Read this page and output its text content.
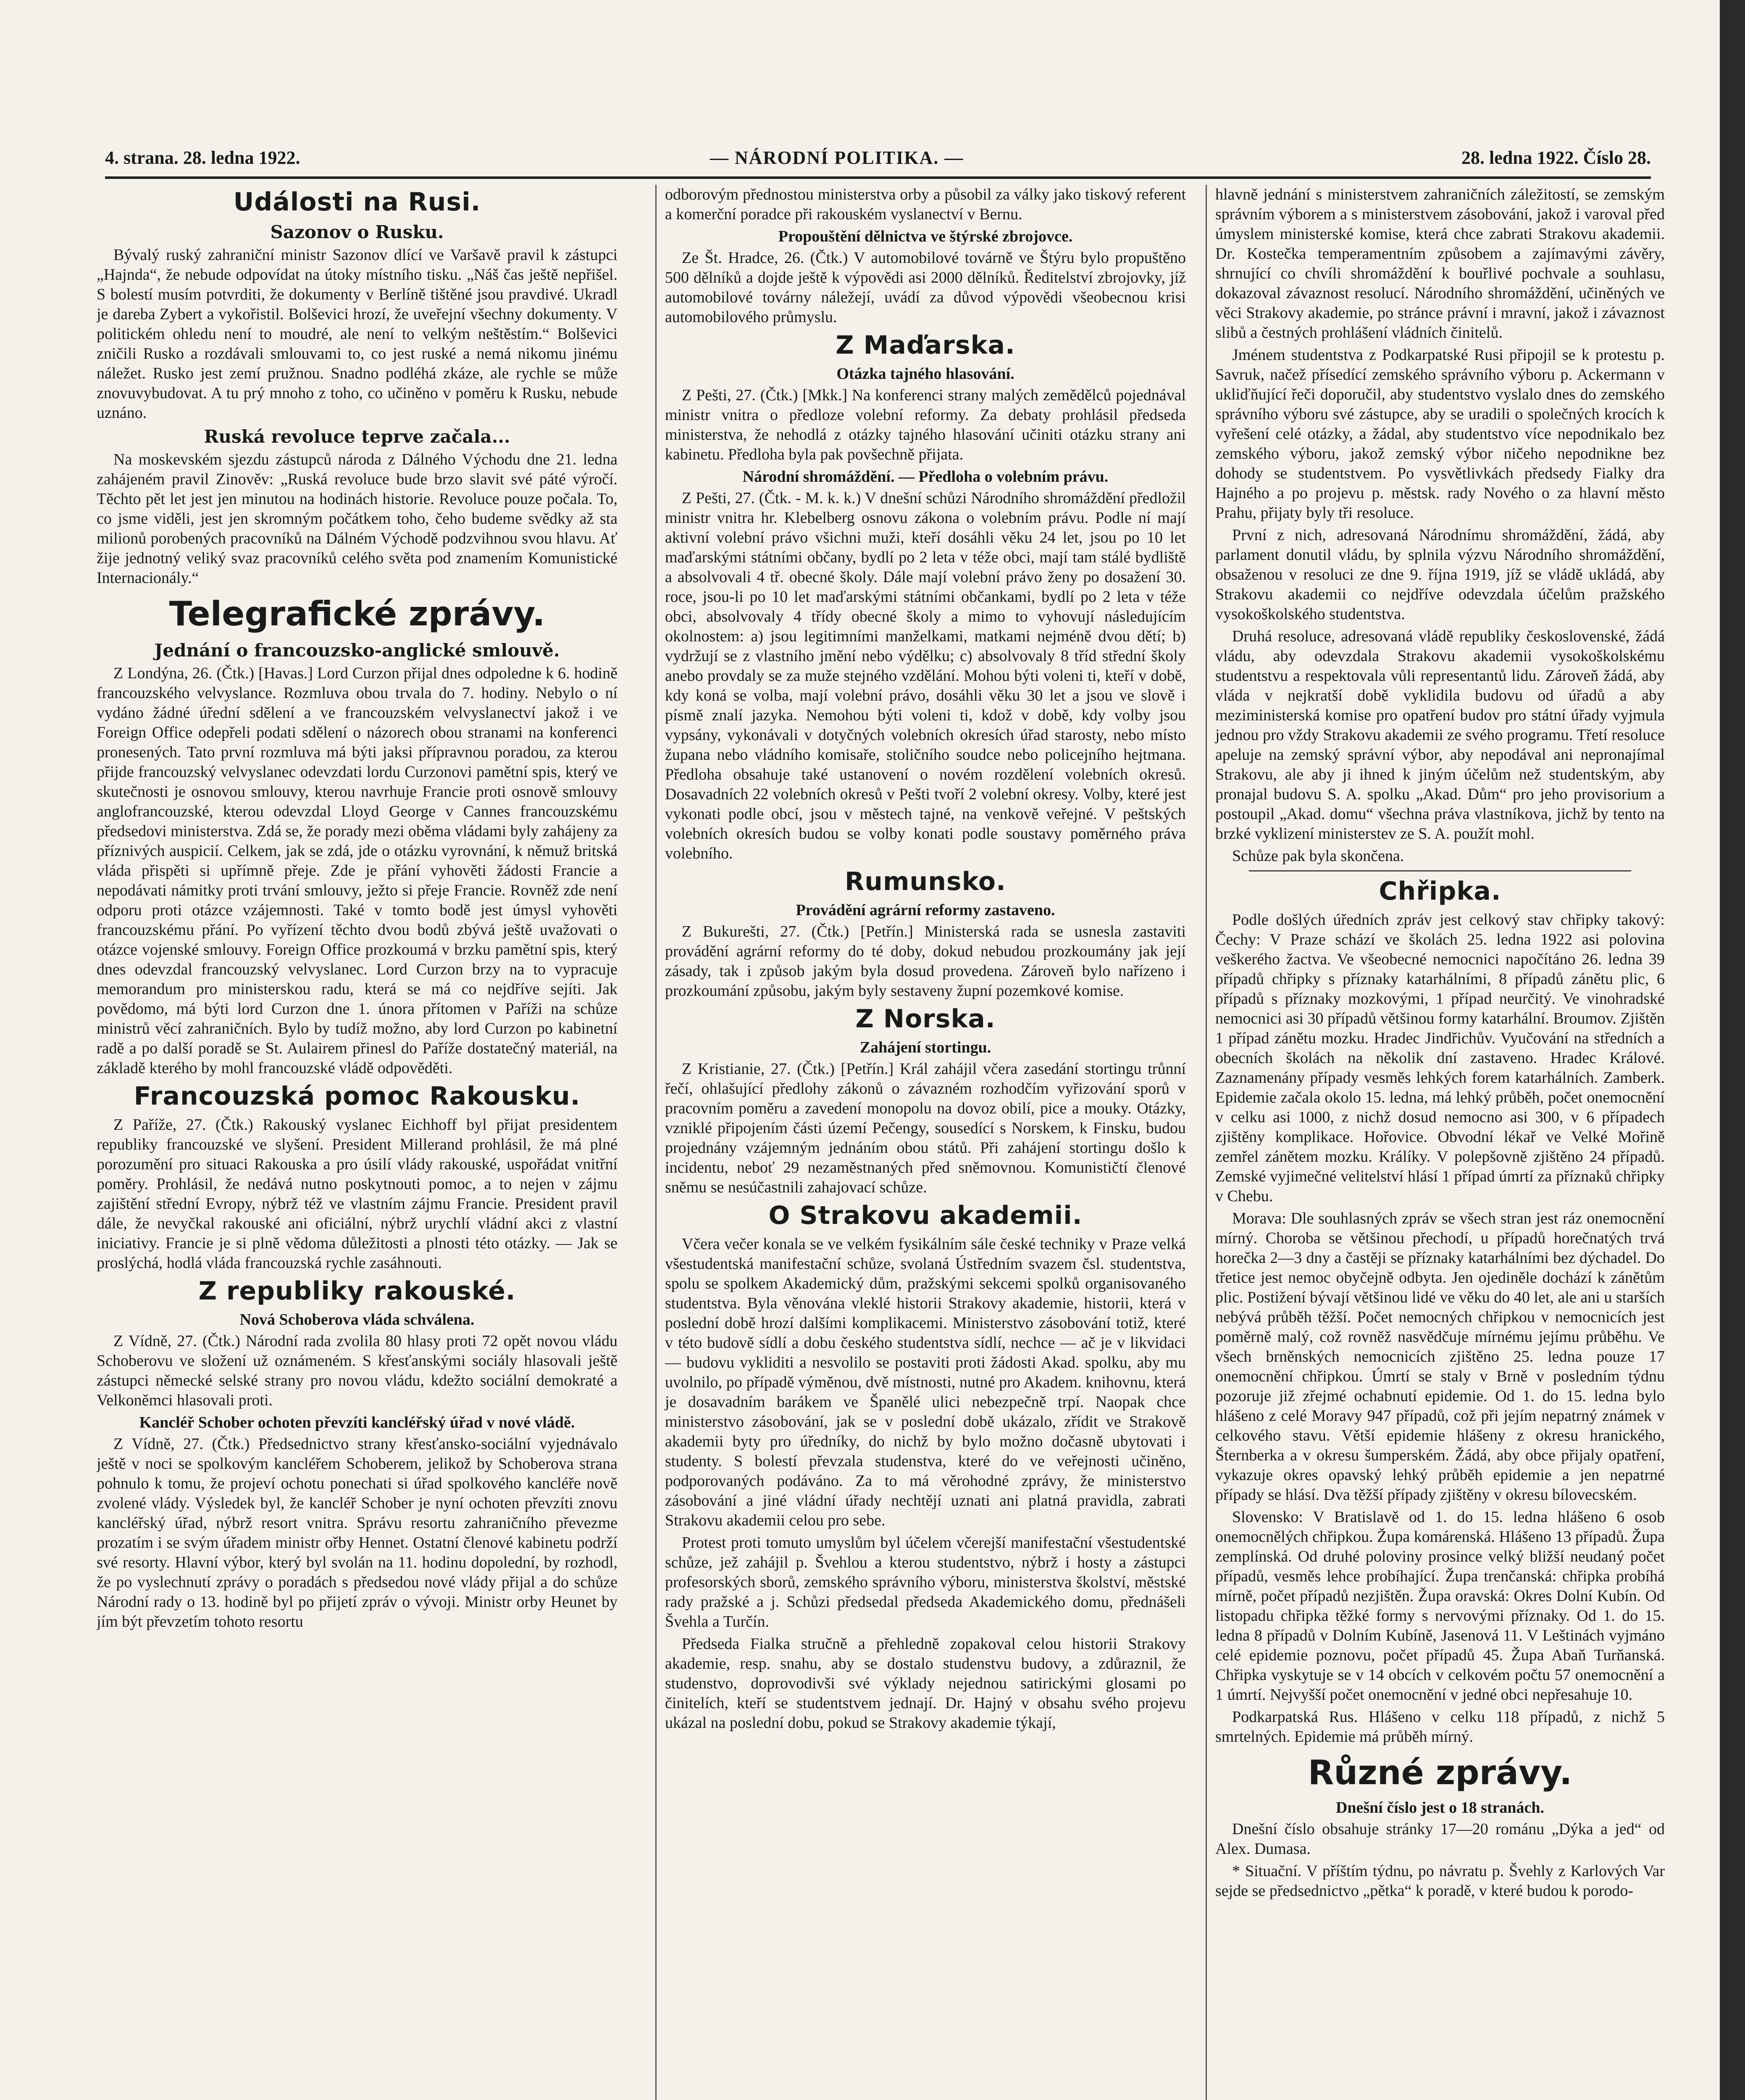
4. strana. 28. ledna 1922.	— NÁRODNÍ POLITIKA. —	28. ledna 1922. Číslo 28.
Události na Rusi.
Sazonov o Rusku.

Bývalý ruský zahraniční ministr Sazonov dlící ve Varšavě pravil k zástupci „Hajnda“, že nebude odpovídat na útoky místního tisku. „Náš čas ještě nepřišel. S bolestí musím potvrditi, že dokumenty v Berlíně tištěné jsou pravdivé. Ukradl je dareba Zybert a vykořistil. Bolševici hrozí, že uveřejní všechny dokumenty. V politickém ohledu není to moudré, ale není to velkým neštěstím.“ Bolševici zničili Rusko a rozdávali smlouvami to, co jest ruské a nemá nikomu jinému náležet. Rusko jest zemí pružnou. Snadno podléhá zkáze, ale rychle se může znovuvybudovat. A tu prý mnoho z toho, co učiněno v poměru k Rusku, nebude uznáno.

Ruská revoluce teprve začala...

Na moskevském sjezdu zástupců národa z Dálného Východu dne 21. ledna zahájeném pravil Zinověv: „Ruská revoluce bude brzo slavit své páté výročí. Těchto pět let jest jen minutou na hodinách historie. Revoluce pouze počala. To, co jsme viděli, jest jen skromným počátkem toho, čeho budeme svědky až sta milionů porobených pracovníků na Dálném Východě podzvihnou svou hlavu. Ať žije jednotný veliký svaz pracovníků celého světa pod znamením Komunistické Internacionály.“

Telegrafické zprávy.
Jednání o francouzsko-anglické smlouvě.

Z Londýna, 26. (Čtk.) [Havas.] Lord Curzon přijal dnes odpoledne k 6. hodině francouzského velvyslance. Rozmluva obou trvala do 7. hodiny. Nebylo o ní vydáno žádné úřední sdělení a ve francouzském velvyslanectví jakož i ve Foreign Office odepřeli podati sdělení o názorech obou stranami na konferenci pronesených. Tato první rozmluva má býti jaksi přípravnou poradou, za kterou přijde francouzský velvyslanec odevzdati lordu Curzonovi pamětní spis, který ve skutečnosti je osnovou smlouvy, kterou navrhuje Francie proti osnově smlouvy anglofrancouzské, kterou odevzdal Lloyd George v Cannes francouzskému předsedovi ministerstva. Zdá se, že porady mezi oběma vládami byly zahájeny za příznivých auspicií. Celkem, jak se zdá, jde o otázku vyrovnání, k němuž britská vláda přispěti si upřímně přeje. Zde je přání vyhověti žádosti Francie a nepodávati námitky proti trvání smlouvy, ježto si přeje Francie. Rovněž zde není odporu proti otázce vzájemnosti. Také v tomto bodě jest úmysl vyhověti francouzskému přání. Po vyřízení těchto dvou bodů zbývá ještě uvažovati o otázce vojenské smlouvy. Foreign Office prozkoumá v brzku pamětní spis, který dnes odevzdal francouzský velvyslanec. Lord Curzon brzy na to vypracuje memorandum pro ministerskou radu, která se má co nejdříve sejíti. Jak povědomo, má býti lord Curzon dne 1. února přítomen v Paříži na schůze ministrů věcí zahraničních. Bylo by tudíž možno, aby lord Curzon po kabinetní radě a po další poradě se St. Aulairem přinesl do Paříže dostatečný materiál, na základě kterého by mohl francouzské vládě odpověděti.

Francouzská pomoc Rakousku.

Z Paříže, 27. (Čtk.) Rakouský vyslanec Eichhoff byl přijat presidentem republiky francouzské ve slyšení. President Millerand prohlásil, že má plné porozumění pro situaci Rakouska a pro úsilí vlády rakouské, uspořádat vnitřní poměry. Prohlásil, že nedává nutno poskytnouti pomoc, a to nejen v zájmu zajištění střední Evropy, nýbrž též ve vlastním zájmu Francie. President pravil dále, že nevyčkal rakouské ani oficiální, nýbrž urychlí vládní akci z vlastní iniciativy. Francie je si plně vědoma důležitosti a plnosti této otázky. — Jak se proslýchá, hodlá vláda francouzská rychle zasáhnouti.

Z republiky rakouské.
Nová Schoberova vláda schválena.

Z Vídně, 27. (Čtk.) Národní rada zvolila 80 hlasy proti 72 opět novou vládu Schoberovu ve složení už oznámeném. S křesťanskými sociály hlasovali ještě zástupci německé selské strany pro novou vládu, kdežto sociální demokraté a Velkoněmci hlasovali proti.

Kancléř Schober ochoten převzíti kancléřský úřad v nové vládě.

Z Vídně, 27. (Čtk.) Předsednictvo strany křesťansko-sociální vyjednávalo ještě v noci se spolkovým kancléřem Schoberem, jelikož by Schoberova strana pohnulo k tomu, že projeví ochotu ponechati si úřad spolkového kancléře nově zvolené vlády. Výsledek byl, že kancléř Schober je nyní ochoten převzíti znovu kancléřský úřad, nýbrž resort vnitra. Správu resortu zahraničního převezme prozatím i se svým úřadem ministr ořby Hennet. Ostatní členové kabinetu podrží své resorty. Hlavní výbor, který byl svolán na 11. hodinu dopolední, by rozhodl, že po vyslechnutí zprávy o poradách s předsedou nové vlády přijal a do schůze Národní rady o 13. hodině byl po přijetí zpráv o vývoji. Ministr orby Heunet by jím být převzetím tohoto resortu

odborovým přednostou ministerstva orby a působil za války jako tiskový referent a komerční poradce při rakouském vyslanectví v Bernu.

Propouštění dělnictva ve štýrské zbrojovce.

Ze Št. Hradce, 26. (Čtk.) V automobilové továrně ve Štýru bylo propuštěno 500 dělníků a dojde ještě k výpovědi asi 2000 dělníků. Ředitelství zbrojovky, jíž automobilové továrny náležejí, uvádí za důvod výpovědi všeobecnou krisi automobilového průmyslu.

Z Maďarska.
Otázka tajného hlasování.

Z Pešti, 27. (Čtk.) [Mkk.] Na konferenci strany malých zemědělců pojednával ministr vnitra o předloze volební reformy. Za debaty prohlásil předseda ministerstva, že nehodlá z otázky tajného hlasování učiniti otázku strany ani kabinetu. Předloha byla pak povšechně přijata.

Národní shromáždění. — Předloha o volebním právu.

Z Pešti, 27. (Čtk. - M. k. k.) V dnešní schůzi Národního shromáždění předložil ministr vnitra hr. Klebelberg osnovu zákona o volebním právu. Podle ní mají aktivní volební právo všichni muži, kteří dosáhli věku 24 let, jsou po 10 let maďarskými státními občany, bydlí po 2 leta v téže obci, mají tam stálé bydliště a absolvovali 4 tř. obecné školy. Dále mají volební právo ženy po dosažení 30. roce, jsou-li po 10 let maďarskými státními občankami, bydlí po 2 leta v téže obci, absolvovaly 4 třídy obecné školy a mimo to vyhovují následujícím okolnostem: a) jsou legitimními manželkami, matkami nejméně dvou dětí; b) vydržují se z vlastního jmění nebo výdělku; c) absolvovaly 8 tříd střední školy anebo provdaly se za muže stejného vzdělání. Mohou býti voleni ti, kteří v době, kdy koná se volba, mají volební právo, dosáhli věku 30 let a jsou ve slově i písmě znalí jazyka. Nemohou býti voleni ti, kdož v době, kdy volby jsou vypsány, vykonávali v dotyčných volebních okresích úřad starosty, nebo místo župana nebo vládního komisaře, stoličního soudce nebo policejního hejtmana. Předloha obsahuje také ustanovení o novém rozdělení volebních okresů. Dosavadních 22 volebních okresů v Pešti tvoří 2 volební okresy. Volby, které jest vykonati podle obcí, jsou v městech tajné, na venkově veřejné. V peštských volebních okresích budou se volby konati podle soustavy poměrného práva volebního.

Rumunsko.
Provádění agrární reformy zastaveno.

Z Bukurešti, 27. (Čtk.) [Petřín.] Ministerská rada se usnesla zastaviti provádění agrární reformy do té doby, dokud nebudou prozkoumány jak její zásady, tak i způsob jakým byla dosud provedena. Zároveň bylo nařízeno i prozkoumání způsobu, jakým byly sestaveny župní pozemkové komise.

Z Norska.
Zahájení stortingu.

Z Kristianie, 27. (Čtk.) [Petřín.] Král zahájil včera zasedání stortingu trůnní řečí, ohlašující předlohy zákonů o závazném rozhodčím vyřizování sporů v pracovním poměru a zavedení monopolu na dovoz obilí, pice a mouky. Otázky, vzniklé připojením části území Pečengy, sousedící s Norskem, k Finsku, budou projednány vzájemným jednáním obou států. Při zahájení stortingu došlo k incidentu, neboť 29 nezaměstnaných před sněmovnou. Komunističtí členové sněmu se nesúčastnili zahajovací schůze.

O Strakovu akademii.

Včera večer konala se ve velkém fysikálním sále české techniky v Praze velká všestudentská manifestační schůze, svolaná Ústředním svazem čsl. studentstva, spolu se spolkem Akademický dům, pražskými sekcemi spolků organisovaného studentstva. Byla věnována vleklé historii Strakovy akademie, historii, která v poslední době hrozí dalšími komplikacemi. Ministerstvo zásobování totiž, které v této budově sídlí a dobu českého studentstva sídlí, nechce — ač je v likvidaci — budovu vykliditi a nesvolilo se postaviti proti žádosti Akad. spolku, aby mu uvolnilo, po případě výměnou, dvě místnosti, nutné pro Akadem. knihovnu, která je dosavadním barákem ve Španělé ulici nebezpečně trpí. Naopak chce ministerstvo zásobování, jak se v poslední době ukázalo, zřídit ve Strakově akademii byty pro úředníky, do nichž by bylo možno dočasně ubytovati i studenty. S bolestí převzala studenstva, které do ve veřejnosti učiněno, podporovaných podáváno. Za to má věrohodné zprávy, že ministerstvo zásobování a jiné vládní úřady nechtějí uznati ani platná pravidla, zabrati Strakovu akademii celou pro sebe.

Protest proti tomuto umyslům byl účelem včerejší manifestační všestudentské schůze, jež zahájil p. Švehlou a kterou studentstvo, nýbrž i hosty a zástupci profesorských sborů, zemského správního výboru, ministerstva školství, městské rady pražské a j. Schůzi předsedal předseda Akademického domu, přednášeli Švehla a Turčín.

Předseda Fialka stručně a přehledně zopakoval celou historii Strakovy akademie, resp. snahu, aby se dostalo studenstvu budovy, a zdůraznil, že studenstvo, doprovodivši své výklady nejednou satirickými glosami po činitelích, kteří se studentstvem jednají. Dr. Hajný v obsahu svého projevu ukázal na poslední dobu, pokud se Strakovy akademie týkají,

hlavně jednání s ministerstvem zahraničních záležitostí, se zemským správním výborem a s ministerstvem zásobování, jakož i varoval před úmyslem ministerské komise, která chce zabrati Strakovu akademii. Dr. Kostečka temperamentním způsobem a zajímavými závěry, shrnující co chvíli shromáždění k bouřlivé pochvale a souhlasu, dokazoval závaznost resolucí. Národního shromáždění, učiněných ve věci Strakovy akademie, po stránce právní i mravní, jakož i závaznost slibů a čestných prohlášení vládních činitelů.

Jménem studentstva z Podkarpatské Rusi připojil se k protestu p. Savruk, načež přísedící zemského správního výboru p. Ackermann v ukliďňující řeči doporučil, aby studentstvo vyslalo dnes do zemského správního výboru své zástupce, aby se uradili o společných krocích k vyřešení celé otázky, a žádal, aby studentstvo více nepodnikalo bez zemského výboru, jakož zemský výbor ničeho nepodnikne bez dohody se studentstvem. Po vysvětlivkách předsedy Fialky dra Hajného a po projevu p. městsk. rady Nového o za hlavní město Prahu, přijaty byly tři resoluce.

První z nich, adresovaná Národnímu shromáždění, žádá, aby parlament donutil vládu, by splnila výzvu Národního shromáždění, obsaženou v resoluci ze dne 9. října 1919, jíž se vládě ukládá, aby Strakovu akademii co nejdříve odevzdala účelům pražského vysokoškolského studentstva.

Druhá resoluce, adresovaná vládě republiky československé, žádá vládu, aby odevzdala Strakovu akademii vysokoškolskému studentstvu a respektovala vůli representantů lidu. Zároveň žádá, aby vláda v nejkratší době vyklidila budovu od úřadů a aby meziministerská komise pro opatření budov pro státní úřady vyjmula jednou pro vždy Strakovu akademii ze svého programu. Třetí resoluce apeluje na zemský správní výbor, aby nepodával ani nepronajímal Strakovu, ale aby ji ihned k jiným účelům než studentským, aby pronajal budovu S. A. spolku „Akad. Dům“ pro jeho provisorium a postoupil „Akad. domu“ všechna práva vlastníkova, jichž by tento na brzké vyklizení ministerstev ze S. A. použít mohl.

Schůze pak byla skončena.

Chřipka.

Podle došlých úředních zpráv jest celkový stav chřipky takový: Čechy: V Praze schází ve školách 25. ledna 1922 asi polovina veškerého žactva. Ve všeobecné nemocnici napočítáno 26. ledna 39 případů chřipky s příznaky katarhálními, 8 případů zánětu plic, 6 případů s příznaky mozkovými, 1 případ neurčitý. Ve vinohradské nemocnici asi 30 případů většinou formy katarhální. Broumov. Zjištěn 1 případ zánětu mozku. Hradec Jindřichův. Vyučování na středních a obecních školách na několik dní zastaveno. Hradec Králové. Zaznamenány případy vesměs lehkých forem katarhálních. Zamberk. Epidemie začala okolo 15. ledna, má lehký průběh, počet onemocnění v celku asi 1000, z nichž dosud nemocno asi 300, v 6 případech zjištěny komplikace. Hořovice. Obvodní lékař ve Velké Mořině zemřel zánětem mozku. Králíky. V polepšovně zjištěno 24 případů. Zemské vyjimečné velitelství hlásí 1 případ úmrtí za příznaků chřipky v Chebu.

Morava: Dle souhlasných zpráv se všech stran jest ráz onemocnění mírný. Choroba se většinou přechodí, u případů horečnatých trvá horečka 2—3 dny a častěji se příznaky katarhálními bez dýchadel. Do třetice jest nemoc obyčejně odbyta. Jen ojediněle dochází k zánětům plic. Postižení bývají většinou lidé ve věku do 40 let, ale ani u starších nebývá průběh těžší. Počet nemocných chřipkou v nemocnicích jest poměrně malý, což rovněž nasvědčuje mírnému jejímu průběhu. Ve všech brněnských nemocnicích zjištěno 25. ledna pouze 17 onemocnění chřipkou. Úmrtí se staly v Brně v posledním týdnu pozoruje již zřejmé ochabnutí epidemie. Od 1. do 15. ledna bylo hlášeno z celé Moravy 947 případů, což při jejím nepatrný známek v celkového stavu. Větší epidemie hlášeny z okresu hranického, Šternberka a v okresu šumperském. Žádá, aby obce přijaly opatření, vykazuje okres opavský lehký průběh epidemie a jen nepatrné případy se hlásí. Dva těžší případy zjištěny v okresu bílovecském.

Slovensko: V Bratislavě od 1. do 15. ledna hlášeno 6 osob onemocnělých chřipkou. Župa komárenská. Hlášeno 13 případů. Župa zemplínská. Od druhé poloviny prosince velký bližší neudaný počet případů, vesměs lehce probíhající. Župa trenčanská: chřipka probíhá mírně, počet případů nezjištěn. Župa oravská: Okres Dolní Kubín. Od listopadu chřipka těžké formy s nervovými příznaky. Od 1. do 15. ledna 8 případů v Dolním Kubíně, Jasenová 11. V Leštinách vyjmáno celé epidemie poznovu, počet případů 45. Župa Abaň Turňanská. Chřipka vyskytuje se v 14 obcích v celkovém počtu 57 onemocnění a 1 úmrtí. Nejvyšší počet onemocnění v jedné obci nepřesahuje 10.

Podkarpatská Rus. Hlášeno v celku 118 případů, z nichž 5 smrtelných. Epidemie má průběh mírný.

Různé zprávy.
Dnešní číslo jest o 18 stranách.

Dnešní číslo obsahuje stránky 17—20 románu „Dýka a jed“ od Alex. Dumasa.

* Situační. V příštím týdnu, po návratu p. Švehly z Karlových Var sejde se předsednictvo „pětka“ k poradě, v které budou k porodo-
